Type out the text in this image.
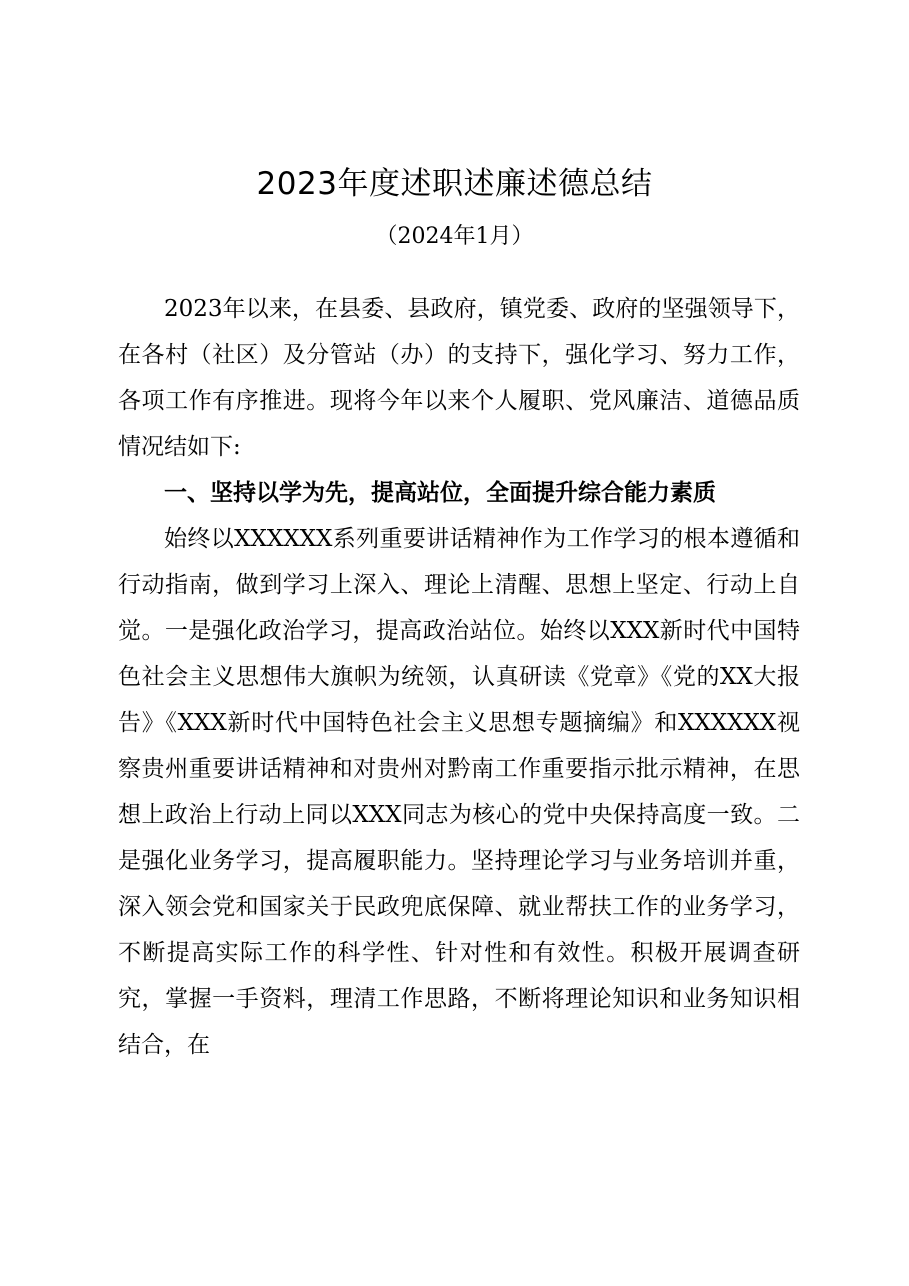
2023年度述职述廉述德总结
（2024年1月）

2023年以来，在县委、县政府，镇党委、政府的坚强领导下，在各村（社区）及分管站（办）的支持下，强化学习、努力工作，各项工作有序推进。现将今年以来个人履职、党风廉洁、道德品质情况结如下:

一、坚持以学为先，提高站位，全面提升综合能力素质

始终以XXXXXX系列重要讲话精神作为工作学习的根本遵循和行动指南，做到学习上深入、理论上清醒、思想上坚定、行动上自觉。一是强化政治学习，提高政治站位。始终以XXX新时代中国特色社会主义思想伟大旗帜为统领，认真研读《党章》《党的XX大报告》《XXX新时代中国特色社会主义思想专题摘编》和XXXXXX视察贵州重要讲话精神和对贵州对黔南工作重要指示批示精神，在思想上政治上行动上同以XXX同志为核心的党中央保持高度一致。二是强化业务学习，提高履职能力。坚持理论学习与业务培训并重，深入领会党和国家关于民政兜底保障、就业帮扶工作的业务学习，不断提高实际工作的科学性、针对性和有效性。积极开展调查研究，掌握一手资料，理清工作思路，不断将理论知识和业务知识相结合，在
